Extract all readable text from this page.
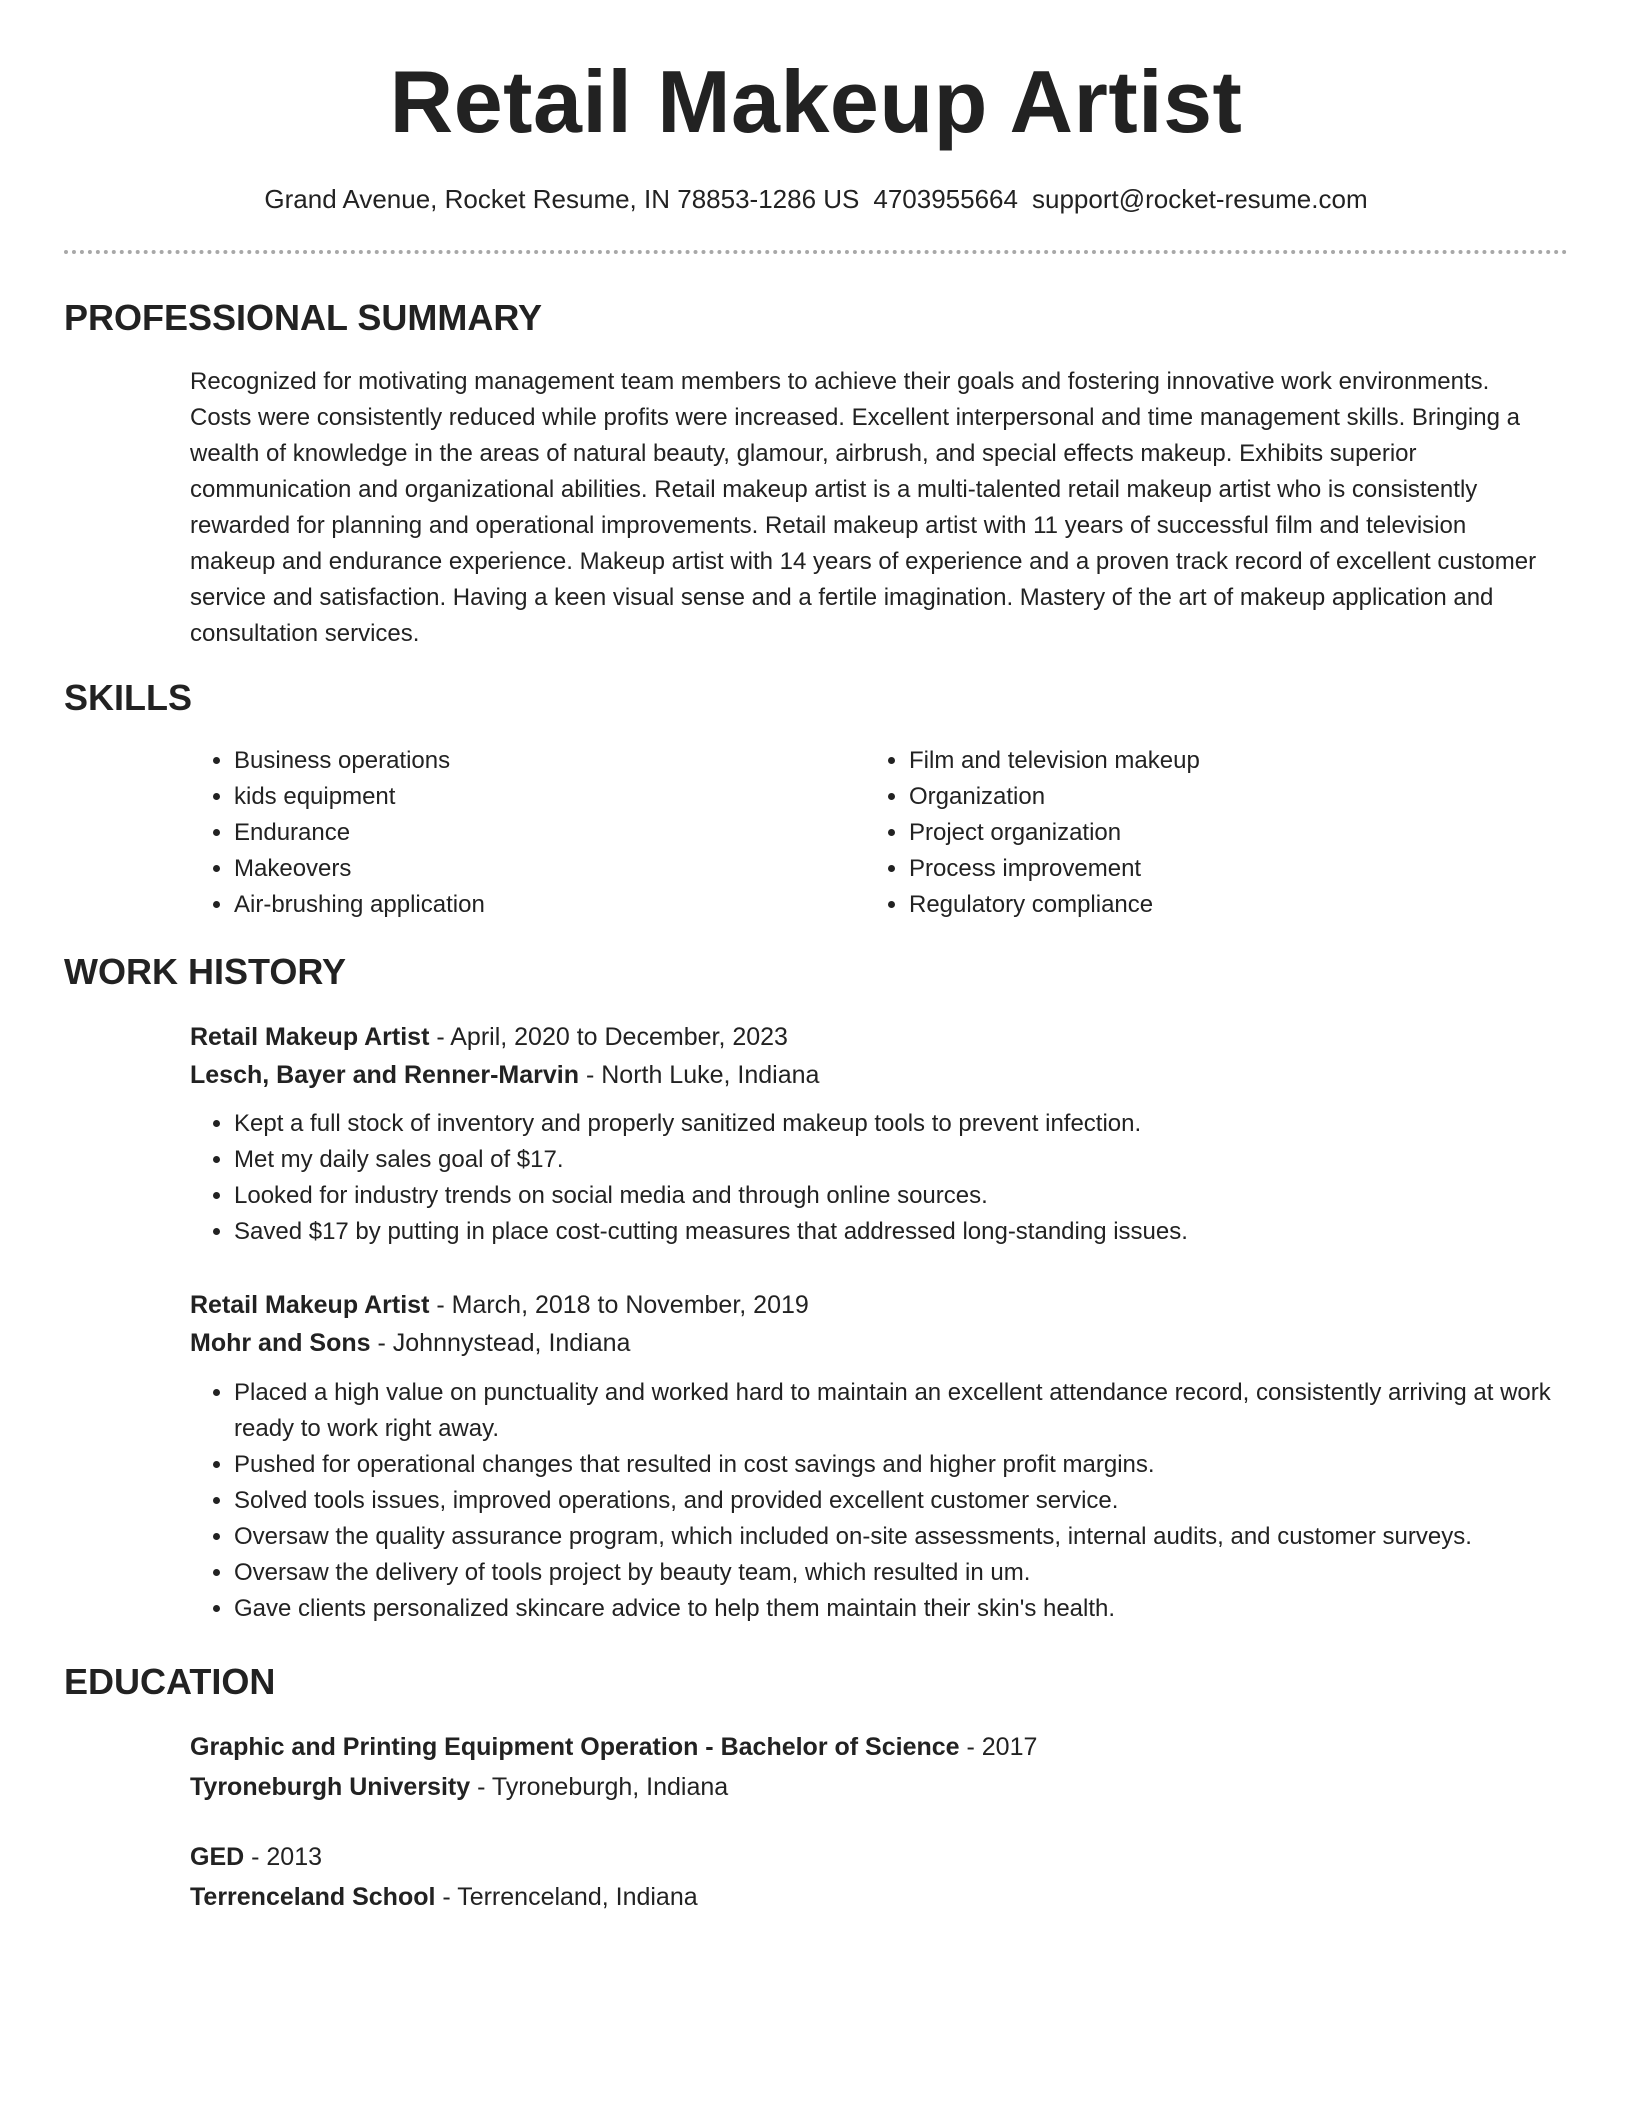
Retail Makeup Artist
Grand Avenue, Rocket Resume, IN 78853-1286 US 4703955664 support@rocket-resume.com
PROFESSIONAL SUMMARY

Recognized for motivating management team members to achieve their goals and fostering innovative work environments. Costs were consistently reduced while profits were increased. Excellent interpersonal and time management skills. Bringing a wealth of knowledge in the areas of natural beauty, glamour, airbrush, and special effects makeup. Exhibits superior communication and organizational abilities. Retail makeup artist is a multi-talented retail makeup artist who is consistently rewarded for planning and operational improvements. Retail makeup artist with 11 years of successful film and television makeup and endurance experience. Makeup artist with 14 years of experience and a proven track record of excellent customer service and satisfaction. Having a keen visual sense and a fertile imagination. Mastery of the art of makeup application and consultation services.

SKILLS
• Business operations
• kids equipment
• Endurance
• Makeovers
• Air-brushing application
• Film and television makeup
• Organization
• Project organization
• Process improvement
• Regulatory compliance
WORK HISTORY

Retail Makeup Artist - April, 2020 to December, 2023

Lesch, Bayer and Renner-Marvin - North Luke, Indiana

• Kept a full stock of inventory and properly sanitized makeup tools to prevent infection.
• Met my daily sales goal of $17.
• Looked for industry trends on social media and through online sources.
• Saved $17 by putting in place cost-cutting measures that addressed long-standing issues.

Retail Makeup Artist - March, 2018 to November, 2019

Mohr and Sons - Johnnystead, Indiana

• Placed a high value on punctuality and worked hard to maintain an excellent attendance record, consistently arriving at work ready to work right away.
• Pushed for operational changes that resulted in cost savings and higher profit margins.
• Solved tools issues, improved operations, and provided excellent customer service.
• Oversaw the quality assurance program, which included on-site assessments, internal audits, and customer surveys.
• Oversaw the delivery of tools project by beauty team, which resulted in um.
• Gave clients personalized skincare advice to help them maintain their skin's health.
EDUCATION

Graphic and Printing Equipment Operation - Bachelor of Science - 2017

Tyroneburgh University - Tyroneburgh, Indiana

GED - 2013

Terrenceland School - Terrenceland, Indiana
